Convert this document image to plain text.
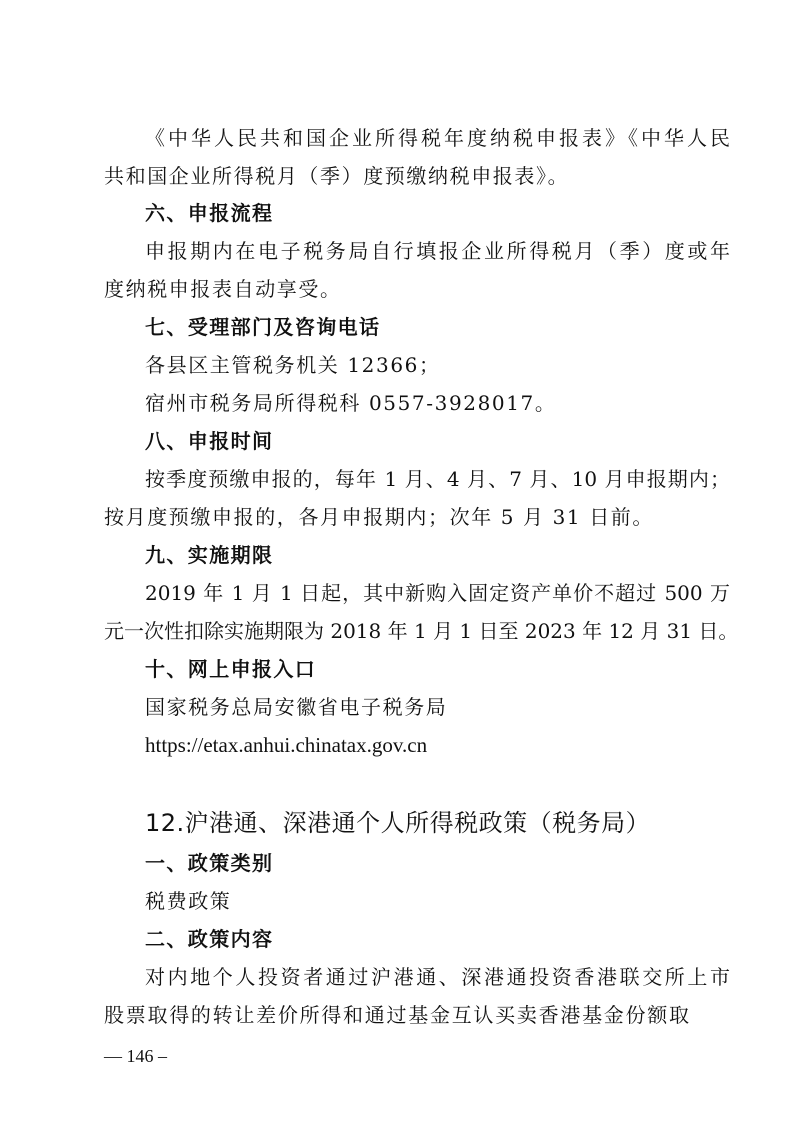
《中华人民共和国企业所得税年度纳税申报表》《中华人民
共和国企业所得税月（季）度预缴纳税申报表》。
六、申报流程
申报期内在电子税务局自行填报企业所得税月（季）度或年
度纳税申报表自动享受。
七、受理部门及咨询电话
各县区主管税务机关 12366；
宿州市税务局所得税科 0557-3928017。
八、申报时间
按季度预缴申报的，每年 1 月、4 月、7 月、10 月申报期内；
按月度预缴申报的，各月申报期内；次年 5 月 31 日前。
九、实施期限
2019 年 1 月 1 日起，其中新购入固定资产单价不超过 500 万
元一次性扣除实施期限为 2018 年 1 月 1 日至 2023 年 12 月 31 日。
十、网上申报入口
国家税务总局安徽省电子税务局
https://etax.anhui.chinatax.gov.cn
12.沪港通、深港通个人所得税政策（税务局）
一、政策类别
税费政策
二、政策内容
对内地个人投资者通过沪港通、深港通投资香港联交所上市
股票取得的转让差价所得和通过基金互认买卖香港基金份额取
— 146 –
